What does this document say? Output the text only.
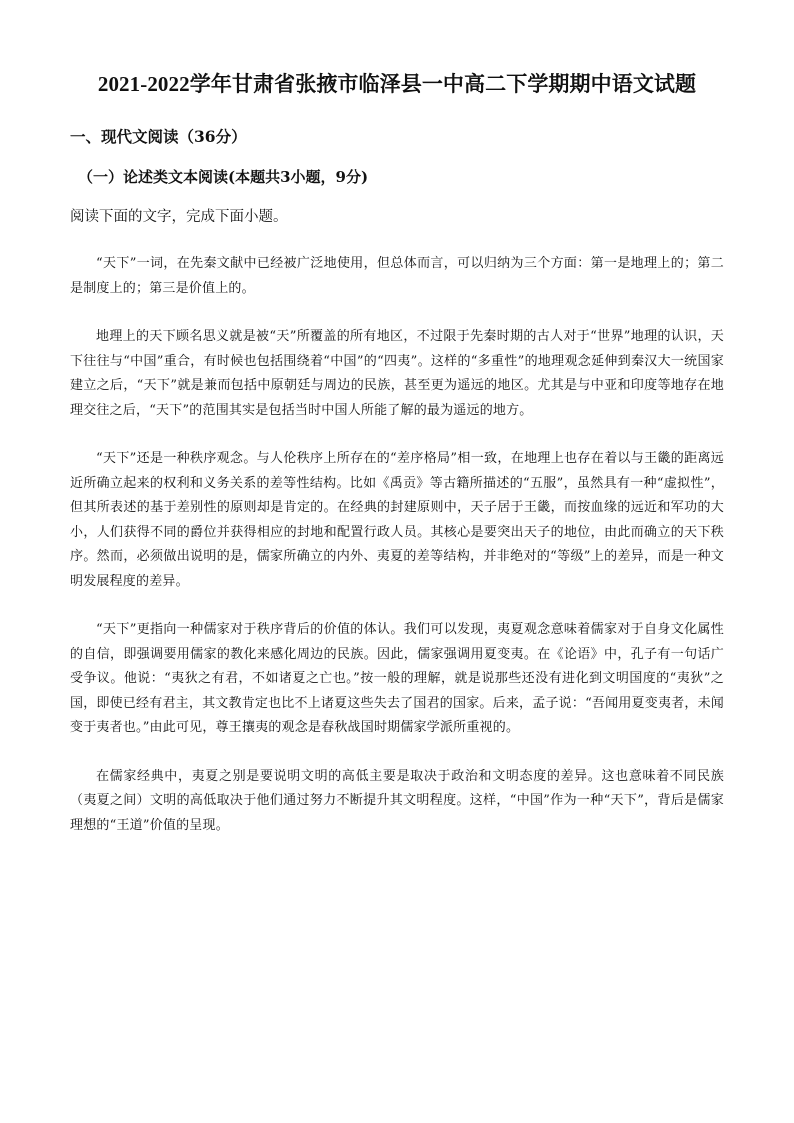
2021-2022学年甘肃省张掖市临泽县一中高二下学期期中语文试题
一、现代文阅读（36分）
（一）论述类文本阅读(本题共3小题，9分)
阅读下面的文字，完成下面小题。

“天下”一词，在先秦文献中已经被广泛地使用，但总体而言，可以归纳为三个方面：第一是地理上的；第二是制度上的；第三是价值上的。

地理上的天下顾名思义就是被“天”所覆盖的所有地区，不过限于先秦时期的古人对于“世界”地理的认识，天下往往与“中国”重合，有时候也包括围绕着“中国”的“四夷”。这样的“多重性”的地理观念延伸到秦汉大一统国家建立之后，“天下”就是兼而包括中原朝廷与周边的民族，甚至更为遥远的地区。尤其是与中亚和印度等地存在地理交往之后，“天下”的范围其实是包括当时中国人所能了解的最为遥远的地方。

“天下”还是一种秩序观念。与人伦秩序上所存在的“差序格局”相一致，在地理上也存在着以与王畿的距离远近所确立起来的权利和义务关系的差等性结构。比如《禹贡》等古籍所描述的“五服”，虽然具有一种“虚拟性”，但其所表述的基于差别性的原则却是肯定的。在经典的封建原则中，天子居于王畿，而按血缘的远近和军功的大小，人们获得不同的爵位并获得相应的封地和配置行政人员。其核心是要突出天子的地位，由此而确立的天下秩序。然而，必须做出说明的是，儒家所确立的内外、夷夏的差等结构，并非绝对的“等级”上的差异，而是一种文明发展程度的差异。

“天下”更指向一种儒家对于秩序背后的价值的体认。我们可以发现，夷夏观念意味着儒家对于自身文化属性的自信，即强调要用儒家的教化来感化周边的民族。因此，儒家强调用夏变夷。在《论语》中，孔子有一句话广受争议。他说：“夷狄之有君，不如诸夏之亡也。”按一般的理解，就是说那些还没有进化到文明国度的“夷狄”之国，即使已经有君主，其文教肯定也比不上诸夏这些失去了国君的国家。后来，孟子说：“吾闻用夏变夷者，未闻变于夷者也。”由此可见，尊王攘夷的观念是春秋战国时期儒家学派所重视的。

在儒家经典中，夷夏之别是要说明文明的高低主要是取决于政治和文明态度的差异。这也意味着不同民族（夷夏之间）文明的高低取决于他们通过努力不断提升其文明程度。这样，“中国”作为一种“天下”，背后是儒家理想的“王道”价值的呈现。
